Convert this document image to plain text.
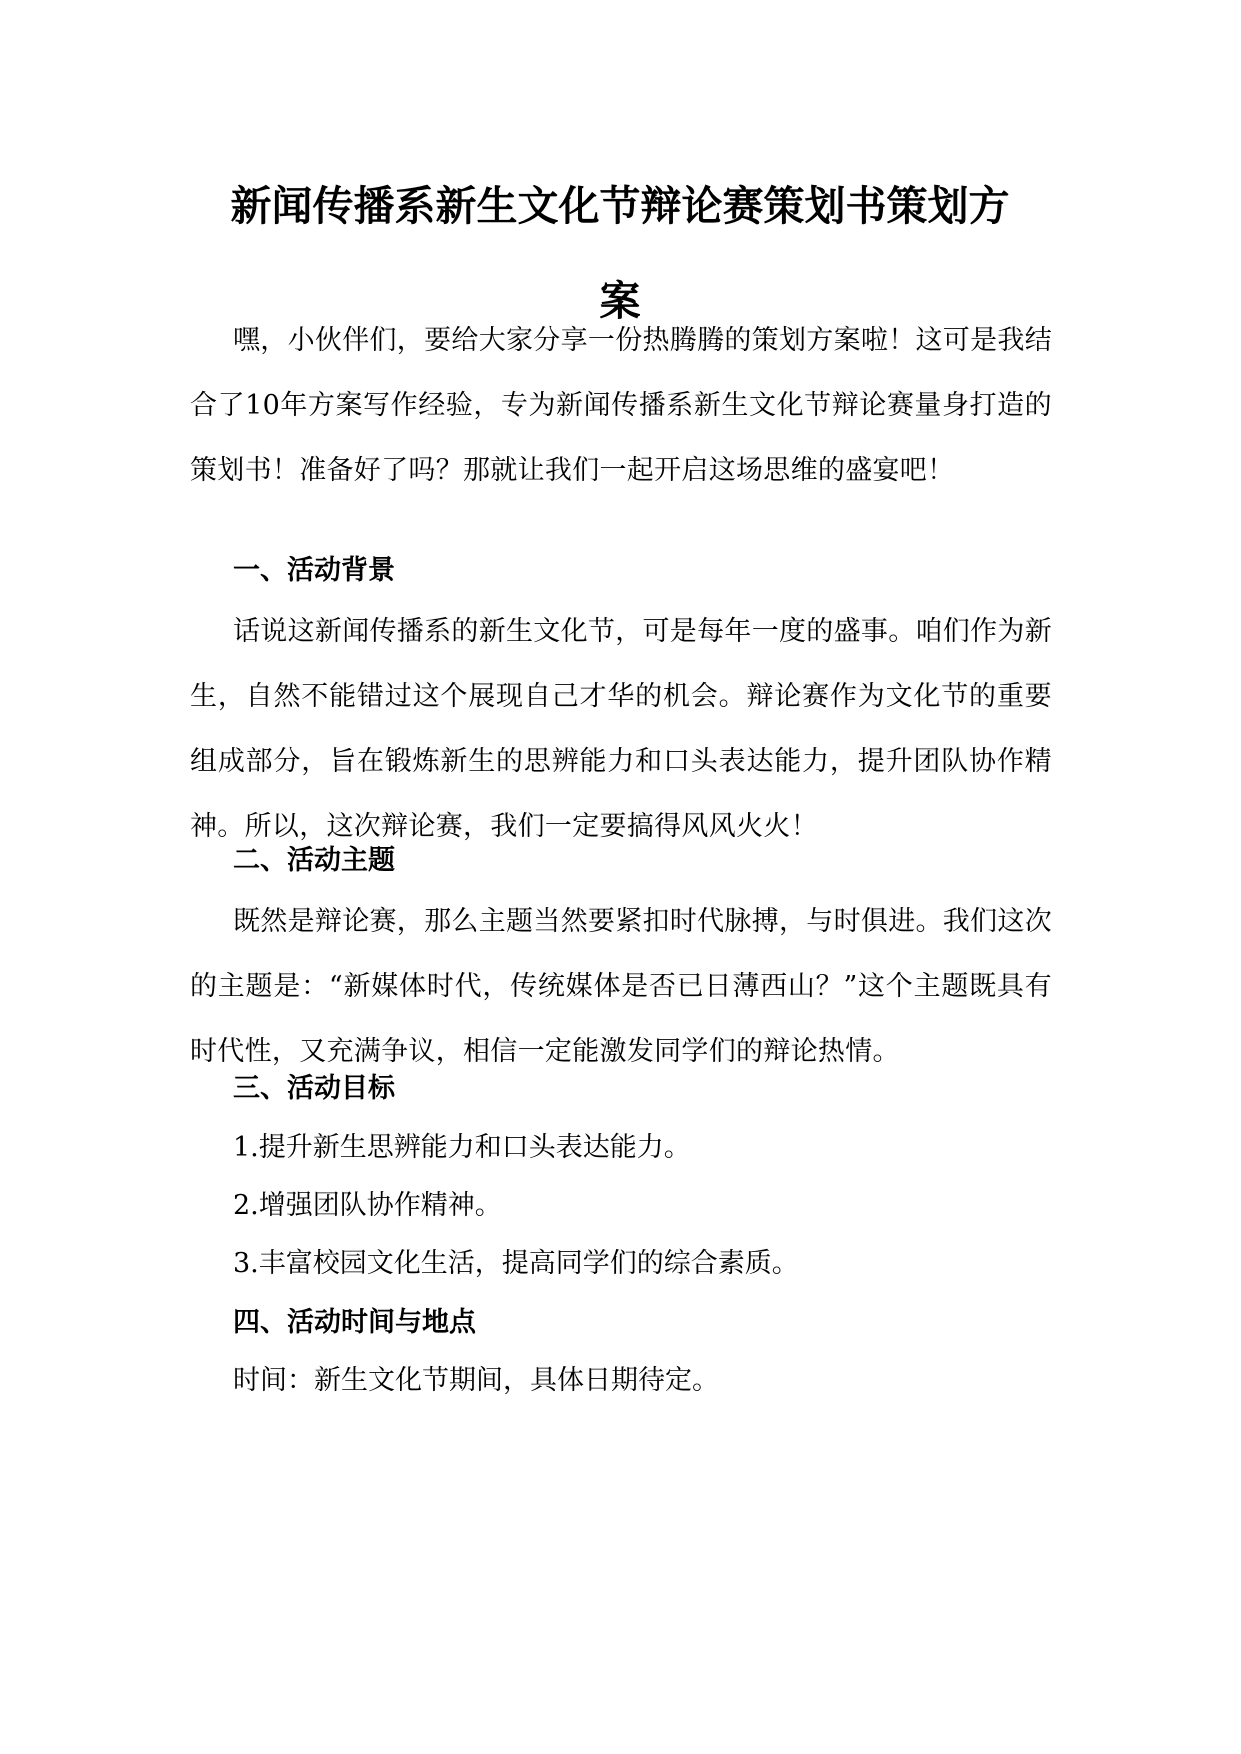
新闻传播系新生文化节辩论赛策划书策划方
案
嘿，小伙伴们，要给大家分享一份热腾腾的策划方案啦！这可是我结合了10年方案写作经验，专为新闻传播系新生文化节辩论赛量身打造的策划书！准备好了吗？那就让我们一起开启这场思维的盛宴吧！
一、活动背景
话说这新闻传播系的新生文化节，可是每年一度的盛事。咱们作为新生，自然不能错过这个展现自己才华的机会。辩论赛作为文化节的重要组成部分，旨在锻炼新生的思辨能力和口头表达能力，提升团队协作精神。所以，这次辩论赛，我们一定要搞得风风火火！
二、活动主题
既然是辩论赛，那么主题当然要紧扣时代脉搏，与时俱进。我们这次的主题是：“新媒体时代，传统媒体是否已日薄西山？”这个主题既具有时代性，又充满争议，相信一定能激发同学们的辩论热情。
三、活动目标
1.提升新生思辨能力和口头表达能力。
2.增强团队协作精神。
3.丰富校园文化生活，提高同学们的综合素质。
四、活动时间与地点
时间：新生文化节期间，具体日期待定。
